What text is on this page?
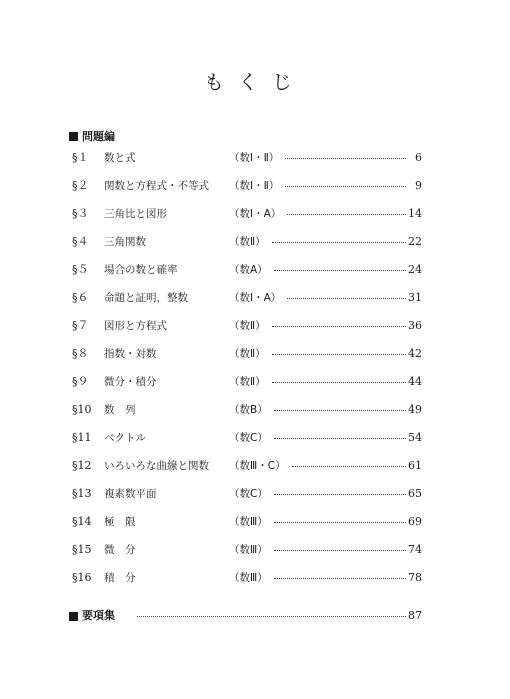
もくじ
問題編
§１ 数と式	（数Ⅰ・Ⅱ）	6
§２ 関数と方程式・不等式 （数Ⅰ・Ⅱ）	9
§３ 三角比と図形	（数Ⅰ・A）	14
§４ 三角関数	（数Ⅱ）	22
§５ 場合の数と確率	（数A）	24
§６ 命題と証明，整数	（数Ⅰ・A）	31
§７ 図形と方程式	（数Ⅱ）	36
§８ 指数・対数	（数Ⅱ）	42
§９ 微分・積分	（数Ⅱ）	44
§10 数　列	（数B）	49
§11 ベクトル	（数C）	54
§12 いろいろな曲線と関数 （数Ⅲ・C）	61
§13 複素数平面	（数C）	65
§14 極　限	（数Ⅲ）	69
§15 微　分	（数Ⅲ）	74
§16 積　分	（数Ⅲ）	78
要項集	87
